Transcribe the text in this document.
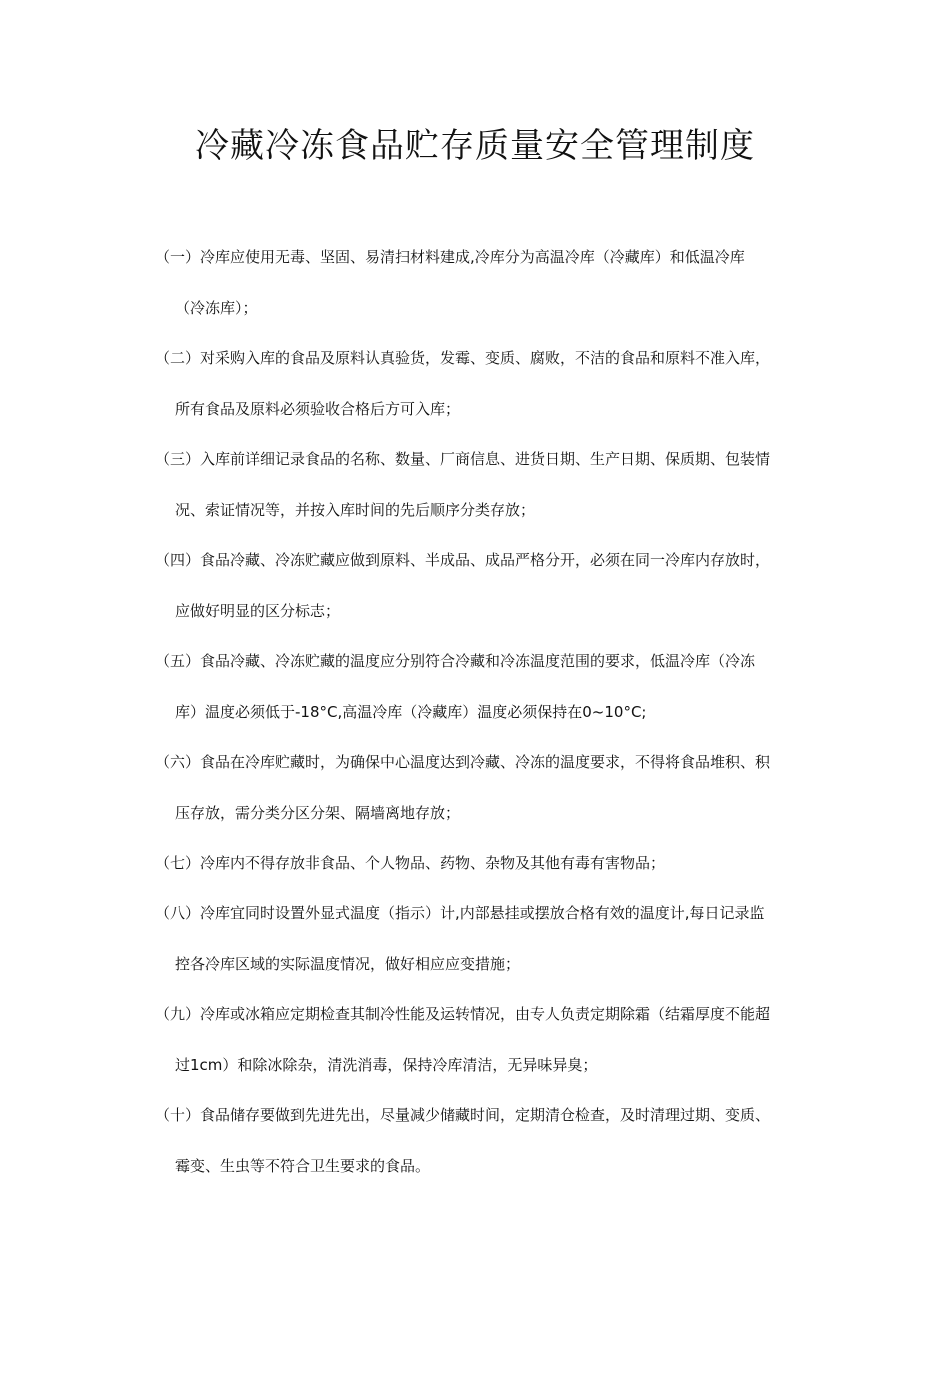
冷藏冷冻食品贮存质量安全管理制度
（一）冷库应使用无毒、坚固、易清扫材料建成,冷库分为高温冷库（冷藏库）和低温冷库
（冷冻库）；
（二）对采购入库的食品及原料认真验货，发霉、变质、腐败，不洁的食品和原料不准入库，
所有食品及原料必须验收合格后方可入库；
（三）入库前详细记录食品的名称、数量、厂商信息、进货日期、生产日期、保质期、包装情
况、索证情况等，并按入库时间的先后顺序分类存放；
（四）食品冷藏、冷冻贮藏应做到原料、半成品、成品严格分开，必须在同一冷库内存放时，
应做好明显的区分标志；
（五）食品冷藏、冷冻贮藏的温度应分别符合冷藏和冷冻温度范围的要求，低温冷库（冷冻
库）温度必须低于-18°C,高温冷库（冷藏库）温度必须保持在0~10°C;
（六）食品在冷库贮藏时，为确保中心温度达到冷藏、冷冻的温度要求，不得将食品堆积、积
压存放，需分类分区分架、隔墙离地存放；
（七）冷库内不得存放非食品、个人物品、药物、杂物及其他有毒有害物品；
（八）冷库宜同时设置外显式温度（指示）计,内部悬挂或摆放合格有效的温度计,每日记录监
控各冷库区域的实际温度情况，做好相应应变措施；
（九）冷库或冰箱应定期检查其制冷性能及运转情况，由专人负责定期除霜（结霜厚度不能超
过1cm）和除冰除杂，清洗消毒，保持冷库清洁，无异味异臭；
（十）食品储存要做到先进先出，尽量减少储藏时间，定期清仓检查，及时清理过期、变质、
霉变、生虫等不符合卫生要求的食品。
